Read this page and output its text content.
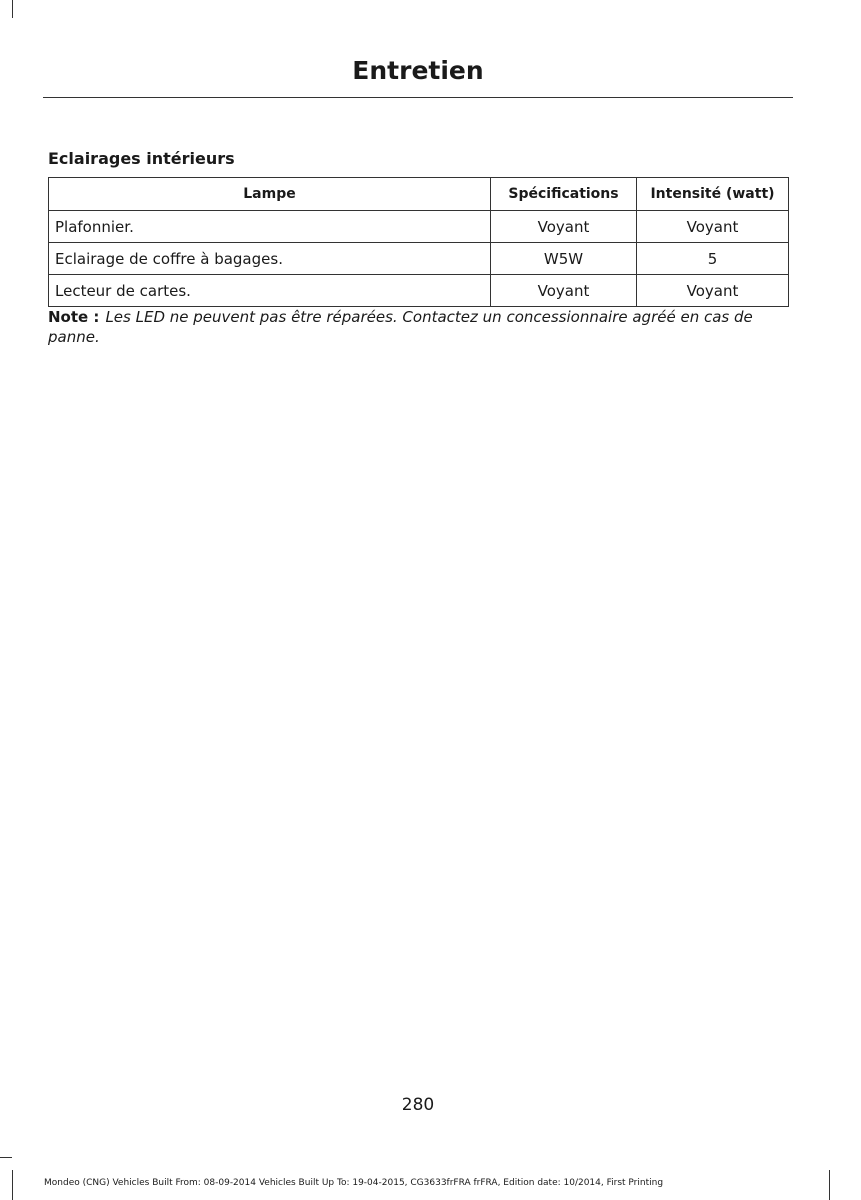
Entretien
Eclairages intérieurs
Lampe	Spécifications	Intensité (watt)
Plafonnier.	Voyant	Voyant
Eclairage de coffre à bagages.	W5W	5
Lecteur de cartes.	Voyant	Voyant
Note : Les LED ne peuvent pas être réparées. Contactez un concessionnaire agréé en cas de panne.
280
Mondeo (CNG) Vehicles Built From: 08-09-2014 Vehicles Built Up To: 19-04-2015, CG3633frFRA frFRA, Edition date: 10/2014, First Printing
